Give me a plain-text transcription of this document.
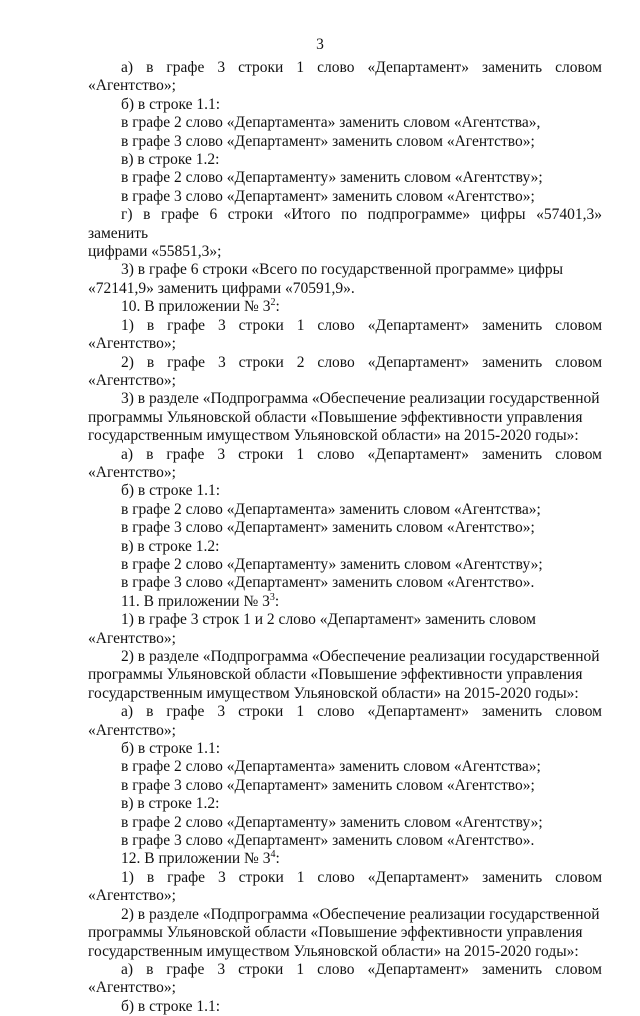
3

а) в графе 3 строки 1 слово «Департамент» заменить словом «Агентство»;

б) в строке 1.1:

в графе 2 слово «Департамента» заменить словом «Агентства»,

в графе 3 слово «Департамент» заменить словом «Агентство»;

в) в строке 1.2:

в графе 2 слово «Департаменту» заменить словом «Агентству»;

в графе 3 слово «Департамент» заменить словом «Агентство»;

г) в графе 6 строки «Итого по подпрограмме» цифры «57401,3» заменить

цифрами «55851,3»;

3) в графе 6 строки «Всего по государственной программе» цифры

«72141,9» заменить цифрами «70591,9».

10. В приложении № $3^2$:

1) в графе 3 строки 1 слово «Департамент» заменить словом «Агентство»;

2) в графе 3 строки 2 слово «Департамент» заменить словом «Агентство»;

3) в разделе «Подпрограмма «Обеспечение реализации государственной

программы Ульяновской области «Повышение эффективности управления

государственным имуществом Ульяновской области» на 2015-2020 годы»:

а) в графе 3 строки 1 слово «Департамент» заменить словом «Агентство»;

б) в строке 1.1:

в графе 2 слово «Департамента» заменить словом «Агентства»;

в графе 3 слово «Департамент» заменить словом «Агентство»;

в) в строке 1.2:

в графе 2 слово «Департаменту» заменить словом «Агентству»;

в графе 3 слово «Департамент» заменить словом «Агентство».

11. В приложении № $3^3$:

1) в графе 3 строк 1 и 2 слово «Департамент» заменить словом

«Агентство»;

2) в разделе «Подпрограмма «Обеспечение реализации государственной

программы Ульяновской области «Повышение эффективности управления

государственным имуществом Ульяновской области» на 2015-2020 годы»:

а) в графе 3 строки 1 слово «Департамент» заменить словом «Агентство»;

б) в строке 1.1:

в графе 2 слово «Департамента» заменить словом «Агентства»;

в графе 3 слово «Департамент» заменить словом «Агентство»;

в) в строке 1.2:

в графе 2 слово «Департаменту» заменить словом «Агентству»;

в графе 3 слово «Департамент» заменить словом «Агентство».

12. В приложении № $3^4$:

1) в графе 3 строки 1 слово «Департамент» заменить словом «Агентство»;

2) в разделе «Подпрограмма «Обеспечение реализации государственной

программы Ульяновской области «Повышение эффективности управления

государственным имуществом Ульяновской области» на 2015-2020 годы»:

а) в графе 3 строки 1 слово «Департамент» заменить словом «Агентство»;

б) в строке 1.1:
